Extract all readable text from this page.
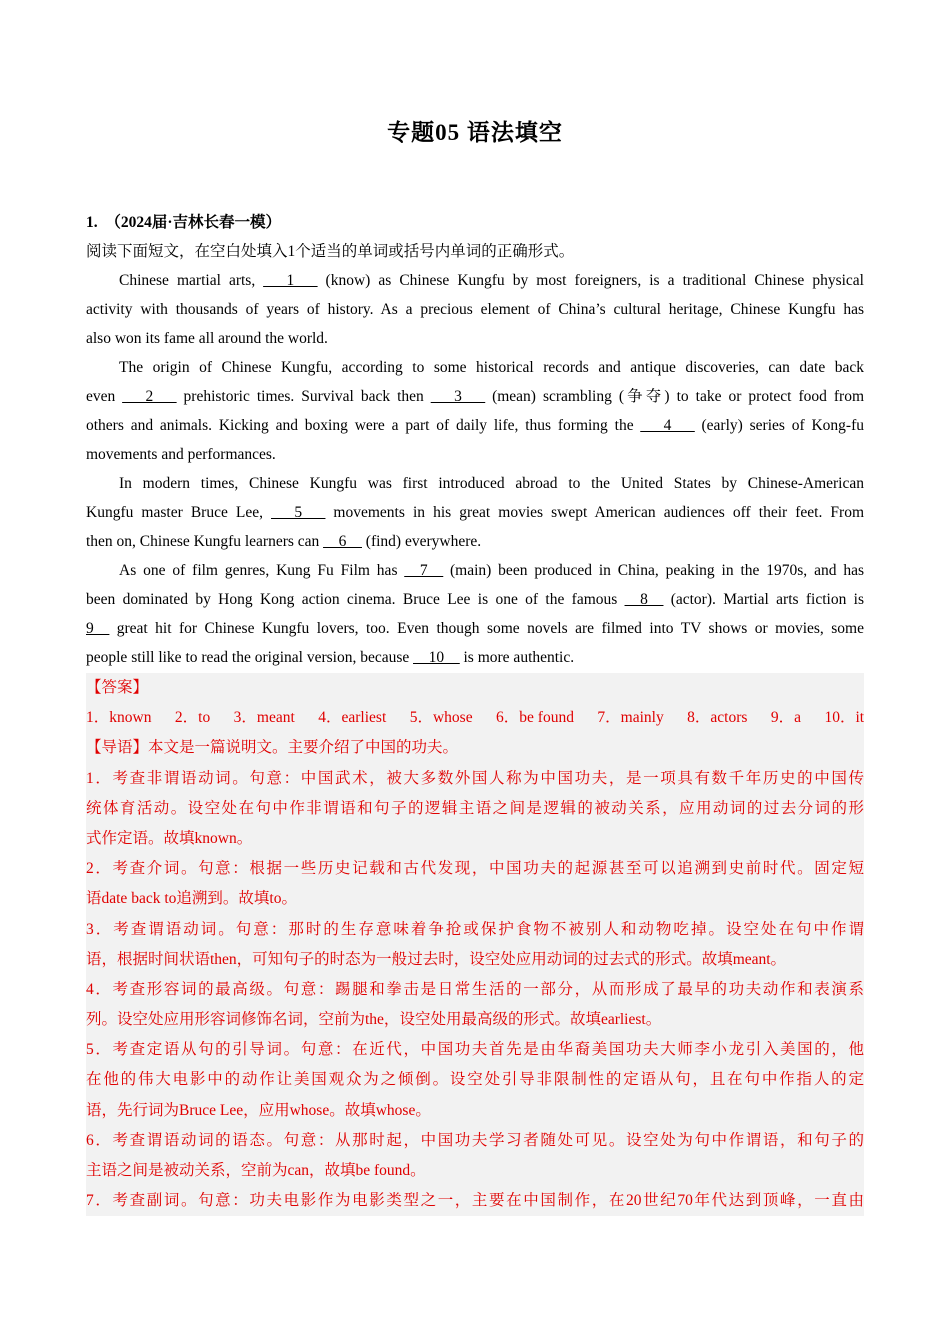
专题05 语法填空
1. （2024届·吉林长春一模）
阅读下面短文，在空白处填入1个适当的单词或括号内单词的正确形式。
Chinese martial arts, ___1___ (know) as Chinese Kungfu by most foreigners, is a traditional Chinese physical
activity with thousands of years of history. As a precious element of China’s cultural heritage, Chinese Kungfu has
also won its fame all around the world.
The origin of Chinese Kungfu, according to some historical records and antique discoveries, can date back
even ___2___ prehistoric times. Survival back then ___3___ (mean) scrambling (争夺) to take or protect food from
others and animals. Kicking and boxing were a part of daily life, thus forming the ___4___ (early) series of Kong-fu
movements and performances.
In modern times, Chinese Kungfu was first introduced abroad to the United States by Chinese-American
Kungfu master Bruce Lee, ___5___ movements in his great movies swept American audiences off their feet. From
then on, Chinese Kungfu learners can __6__ (find) everywhere.
As one of film genres, Kung Fu Film has __7__ (main) been produced in China, peaking in the 1970s, and has
been dominated by Hong Kong action cinema. Bruce Lee is one of the famous __8__ (actor). Martial arts fiction is
9__ great hit for Chinese Kungfu lovers, too. Even though some novels are filmed into TV shows or movies, some
people still like to read the original version, because __10__ is more authentic.
【答案】
1．known 2．to 3．meant 4．earliest 5．whose 6．be found 7．mainly 8．actors 9．a 10．it
【导语】本文是一篇说明文。主要介绍了中国的功夫。
1．考查非谓语动词。句意：中国武术，被大多数外国人称为中国功夫，是一项具有数千年历史的中国传
统体育活动。设空处在句中作非谓语和句子的逻辑主语之间是逻辑的被动关系，应用动词的过去分词的形
式作定语。故填known。
2．考查介词。句意：根据一些历史记载和古代发现，中国功夫的起源甚至可以追溯到史前时代。固定短
语date back to追溯到。故填to。
3．考查谓语动词。句意：那时的生存意味着争抢或保护食物不被别人和动物吃掉。设空处在句中作谓
语，根据时间状语then，可知句子的时态为一般过去时，设空处应用动词的过去式的形式。故填meant。
4．考查形容词的最高级。句意：踢腿和拳击是日常生活的一部分，从而形成了最早的功夫动作和表演系
列。设空处应用形容词修饰名词，空前为the，设空处用最高级的形式。故填earliest。
5．考查定语从句的引导词。句意：在近代，中国功夫首先是由华裔美国功夫大师李小龙引入美国的，他
在他的伟大电影中的动作让美国观众为之倾倒。设空处引导非限制性的定语从句，且在句中作指人的定
语，先行词为Bruce Lee，应用whose。故填whose。
6．考查谓语动词的语态。句意：从那时起，中国功夫学习者随处可见。设空处为句中作谓语，和句子的
主语之间是被动关系，空前为can，故填be found。
7．考查副词。句意：功夫电影作为电影类型之一，主要在中国制作，在20世纪70年代达到顶峰，一直由
